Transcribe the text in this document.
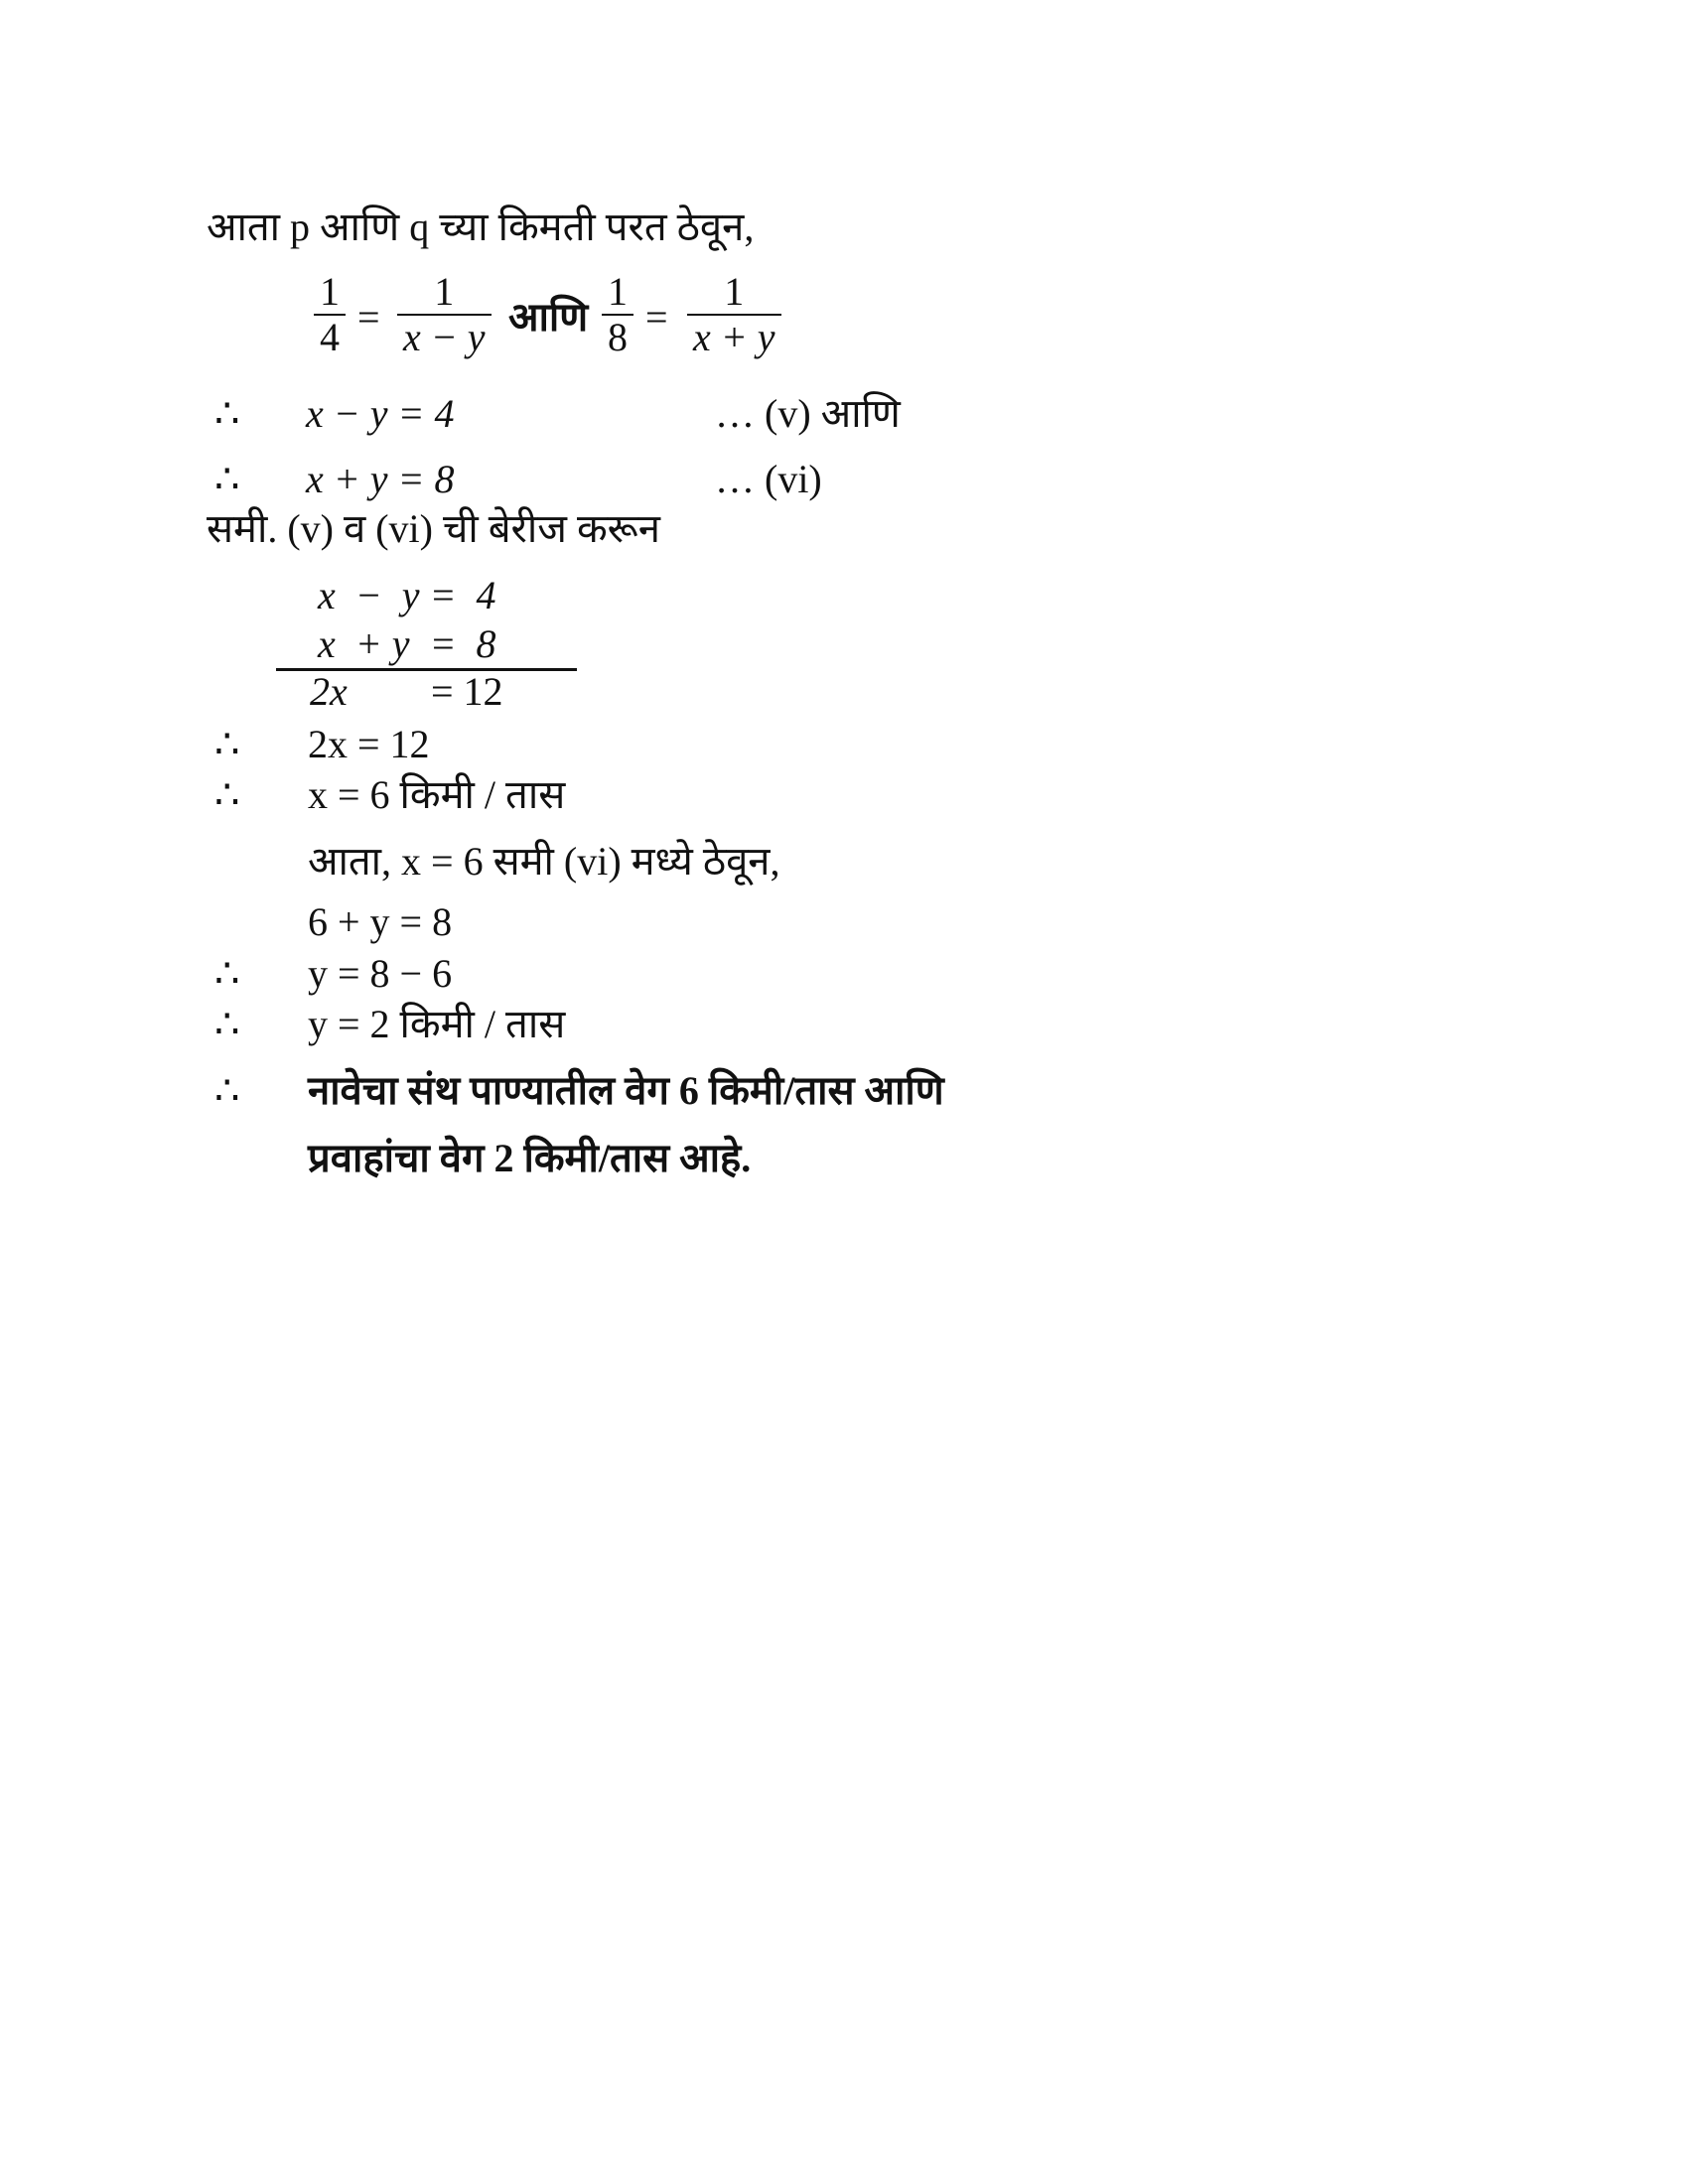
आता p आणि q च्या किमती परत ठेवून,
1
4 =
1
x − y आणि
1
8 =
1
x + y
∴ x − y = 4	… (v) आणि
∴ x + y = 8	… (vi)
समी. (v) व (vi) ची बेरीज करून
x  −  y =  4
x  + y  =  8
2x = 12
∴ 2x = 12
∴ x = 6 किमी / तास
आता, x = 6 समी (vi) मध्ये ठेवून,
6 + y = 8
∴ y = 8 − 6
∴ y = 2 किमी / तास
∴ नावेचा संथ पाण्यातील वेग 6 किमी/तास आणि
प्रवाहांचा वेग 2 किमी/तास आहे.
